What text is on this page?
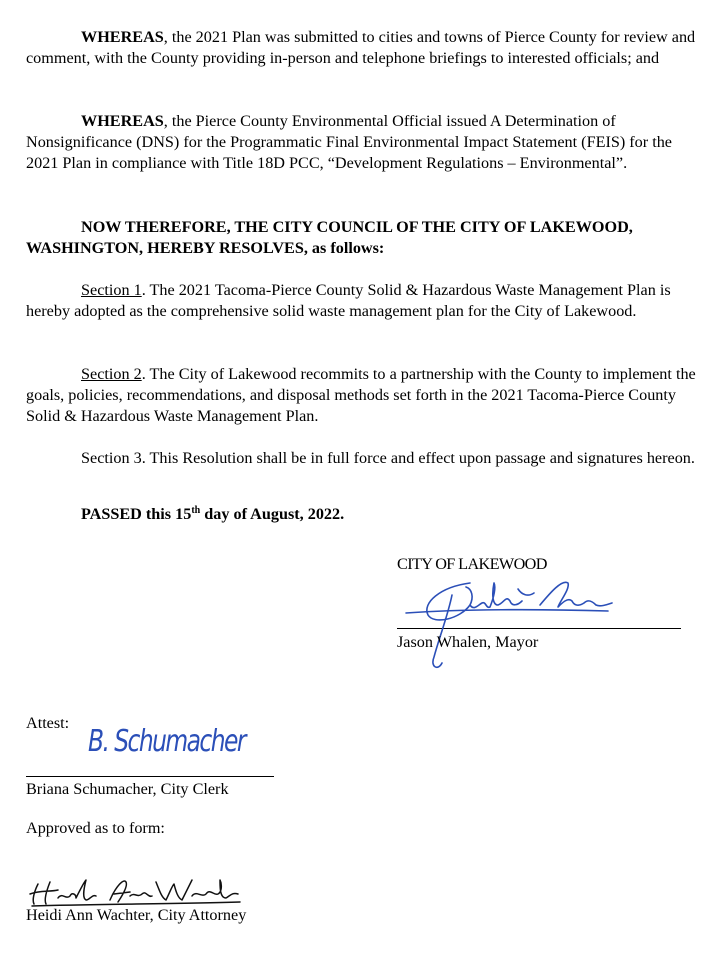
WHEREAS, the 2021 Plan was submitted to cities and towns of Pierce County for review and comment, with the County providing in-person and telephone briefings to interested officials; and

WHEREAS, the Pierce County Environmental Official issued A Determination of Nonsignificance (DNS) for the Programmatic Final Environmental Impact Statement (FEIS) for the 2021 Plan in compliance with Title 18D PCC, “Development Regulations – Environmental”.

NOW THEREFORE, THE CITY COUNCIL OF THE CITY OF LAKEWOOD, WASHINGTON, HEREBY RESOLVES, as follows:

Section 1. The 2021 Tacoma-Pierce County Solid & Hazardous Waste Management Plan is hereby adopted as the comprehensive solid waste management plan for the City of Lakewood.

Section 2. The City of Lakewood recommits to a partnership with the County to implement the goals, policies, recommendations, and disposal methods set forth in the 2021 Tacoma-Pierce County Solid & Hazardous Waste Management Plan.

Section 3. This Resolution shall be in full force and effect upon passage and signatures hereon.

PASSED this 15th day of August, 2022.

CITY OF LAKEWOOD
Jason Whalen, Mayor
Attest:
B. Schumacher
Briana Schumacher, City Clerk
Approved as to form:
Heidi Ann Wachter, City Attorney
